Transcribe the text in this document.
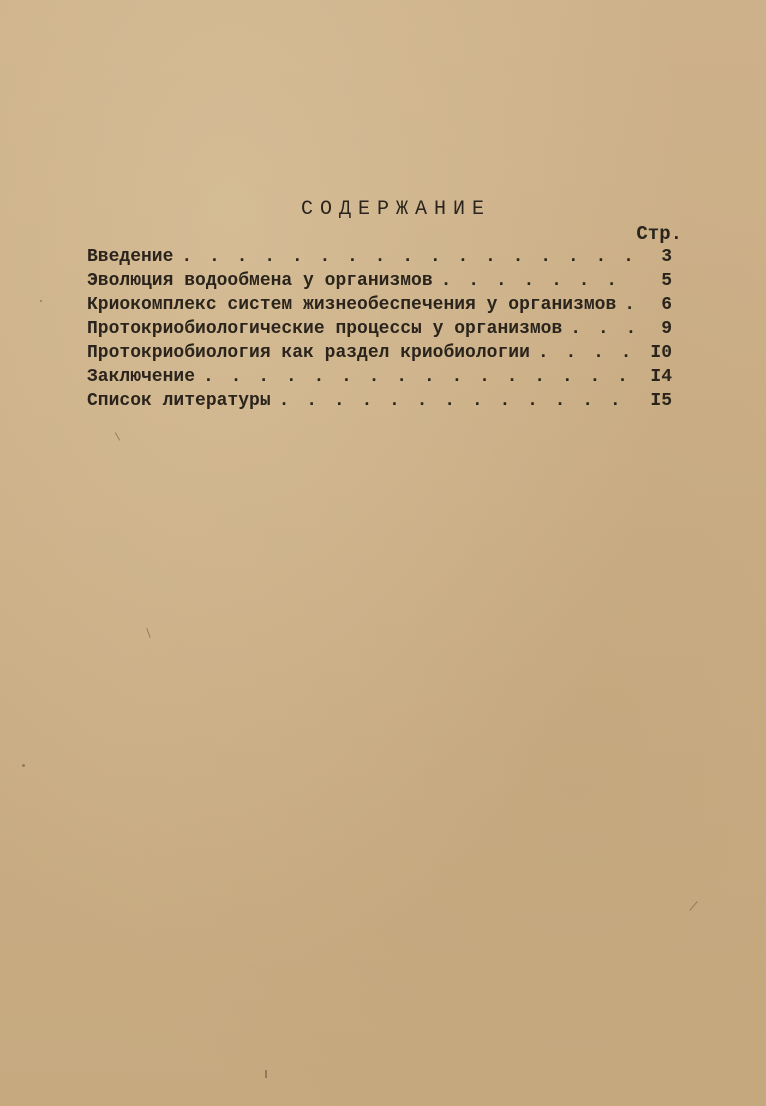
СОДЕРЖАНИЕ
Стр.
Введение . . .	3
Эволюция водообмена у организмов . . .	5
Криокомплекс систем жизнеобеспечения у организмов . . .	6
Протокриобиологические процессы у организмов . . .	9
Протокриобиология как раздел криобиологии . . .	I0
Заключение . . .	I4
Список литературы . . .	I5
